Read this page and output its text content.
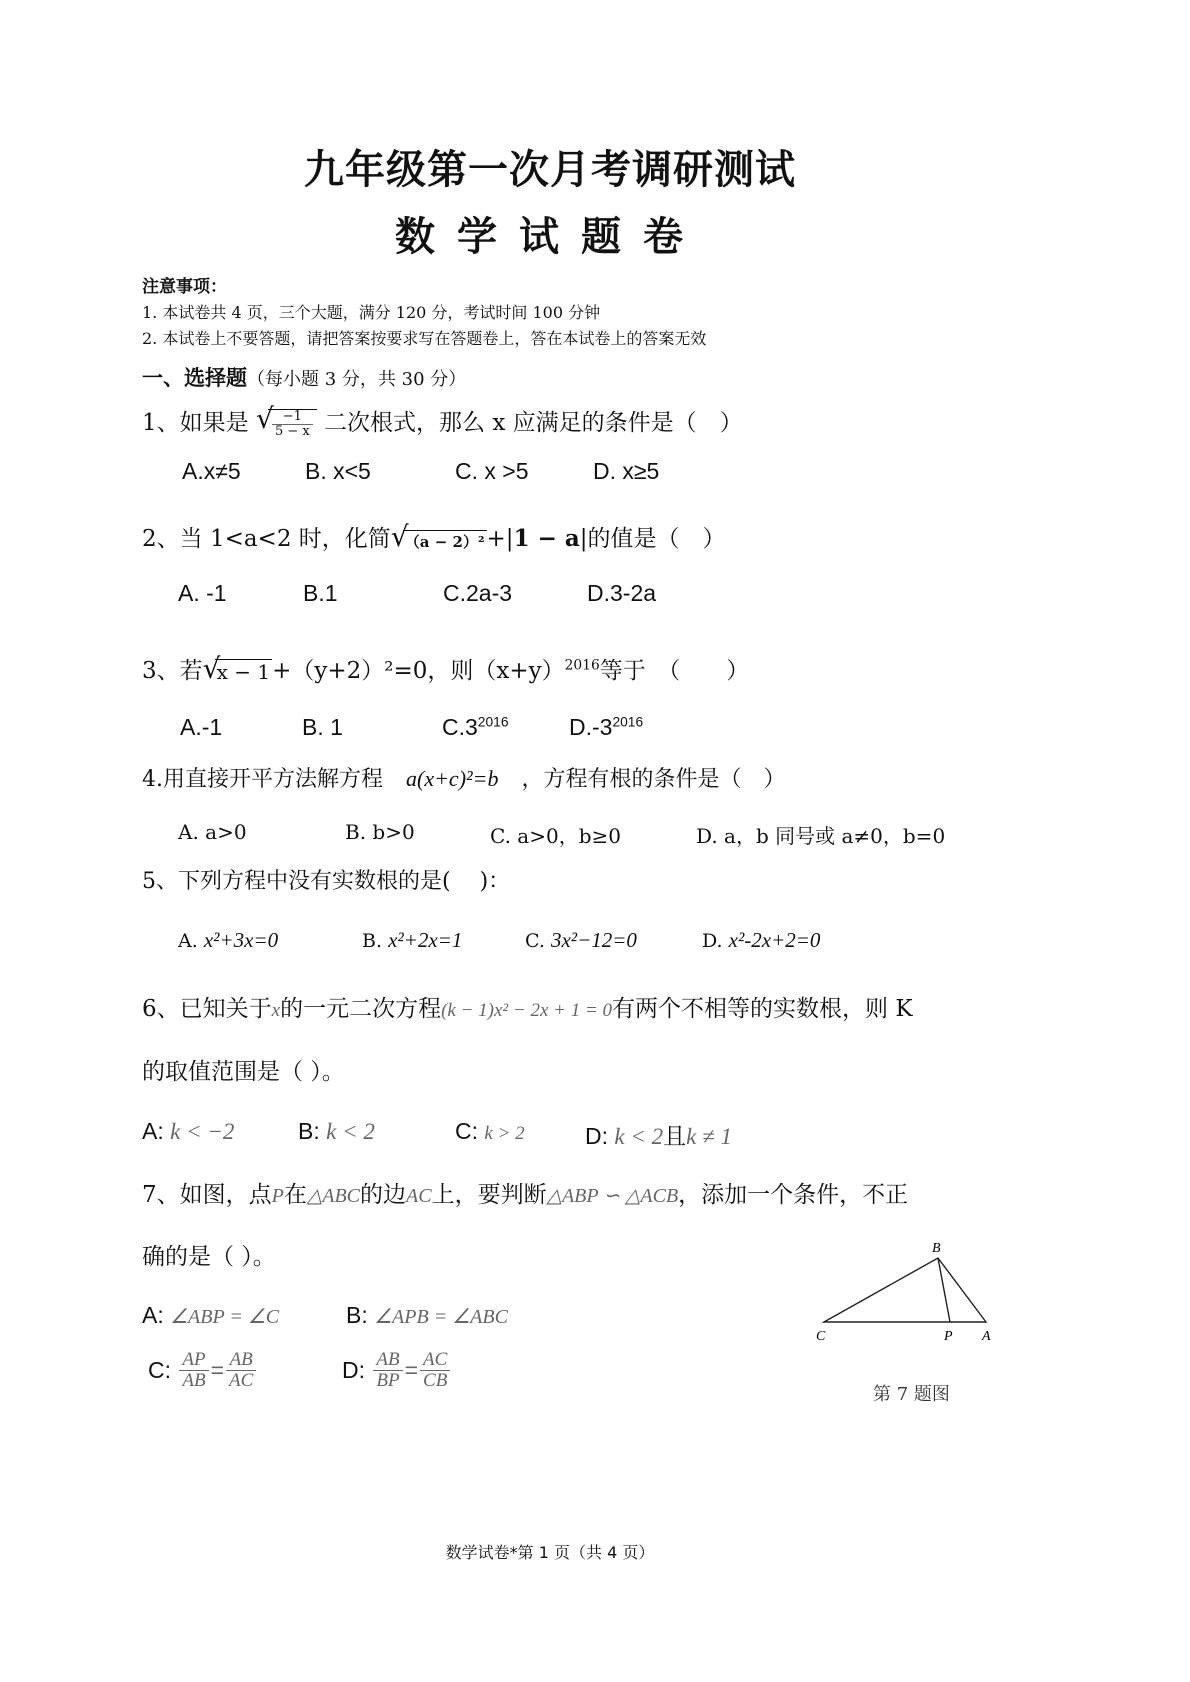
九年级第一次月考调研测试
数学试题卷
注意事项：
1. 本试卷共 4 页，三个大题，满分 120 分，考试时间 100 分钟
2. 本试卷上不要答题，请把答案按要求写在答题卷上，答在本试卷上的答案无效
一、选择题（每小题 3 分，共 30 分）
1、如果是 √
$\frac{-1}{5 - x}$ 二次根式，那么 x 应满足的条件是（　）
A.x≠5	B. x<5	C. x >5	D. x≥5
2、当 1<a<2 时，化简 √
（a − 2）²+|1 − a|的值是（　）
A. -1	B.1	C.2a-3	D.3-2a
3、若 √
x − 1+（y+2）²=0，则$(x+y)^{2016}$等于　（　　）
A.-1	B. 1	$C.3^{2016}$	$D.-3^{2016}$
4.用直接开平方法解方程 a(x+c)²=b ，方程有根的条件是（　）
A. a>0	B. b>0	C. a>0，b≥0	D. a，b 同号或 a≠0，b=0
5、下列方程中没有实数根的是(　 )：
A. x²+3x=0	B. x²+2x=1	C. 3x²−12=0	D. x²-2x+2=0
6、已知关于x的一元二次方程(k − 1)x² − 2x + 1 = 0有两个不相等的实数根，则 K
的取值范围是（ ）。
A: k < −2	B: k < 2	C: k > 2	D: k < 2且k ≠ 1
7、如图，点P在△ABC的边AC上，要判断△ABP ∽ △ACB，添加一个条件，不正
确的是（ ）。
A: ∠ABP = ∠C	B: ∠APB = ∠ABC
C: $\frac{AP}{AB} = \frac{AB}{AC}$	D: $\frac{AB}{BP} = \frac{AC}{CB}$
B
C	P A
第 7 题图
数学试卷*第 1 页（共 4 页）
